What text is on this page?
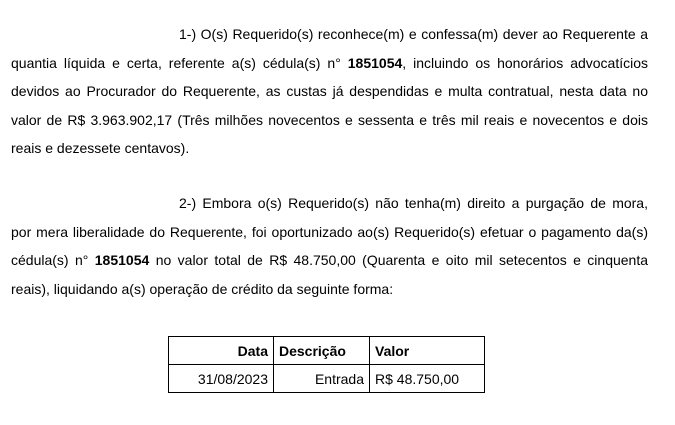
1-) O(s) Requerido(s) reconhece(m) e confessa(m) dever ao Requerente a quantia líquida e certa, referente a(s) cédula(s) n° 1851054, incluindo os honorários advocatícios devidos ao Procurador do Requerente, as custas já despendidas e multa contratual, nesta data no valor de R$ 3.963.902,17 (Três milhões novecentos e sessenta e três mil reais e novecentos e dois reais e dezessete centavos).

2-) Embora o(s) Requerido(s) não tenha(m) direito a purgação de mora, por mera liberalidade do Requerente, foi oportunizado ao(s) Requerido(s) efetuar o pagamento da(s) cédula(s) n° 1851054 no valor total de R$ 48.750,00 (Quarenta e oito mil setecentos e cinquenta reais), liquidando a(s) operação de crédito da seguinte forma:

Data	Descrição	Valor
31/08/2023	Entrada	R$ 48.750,00
